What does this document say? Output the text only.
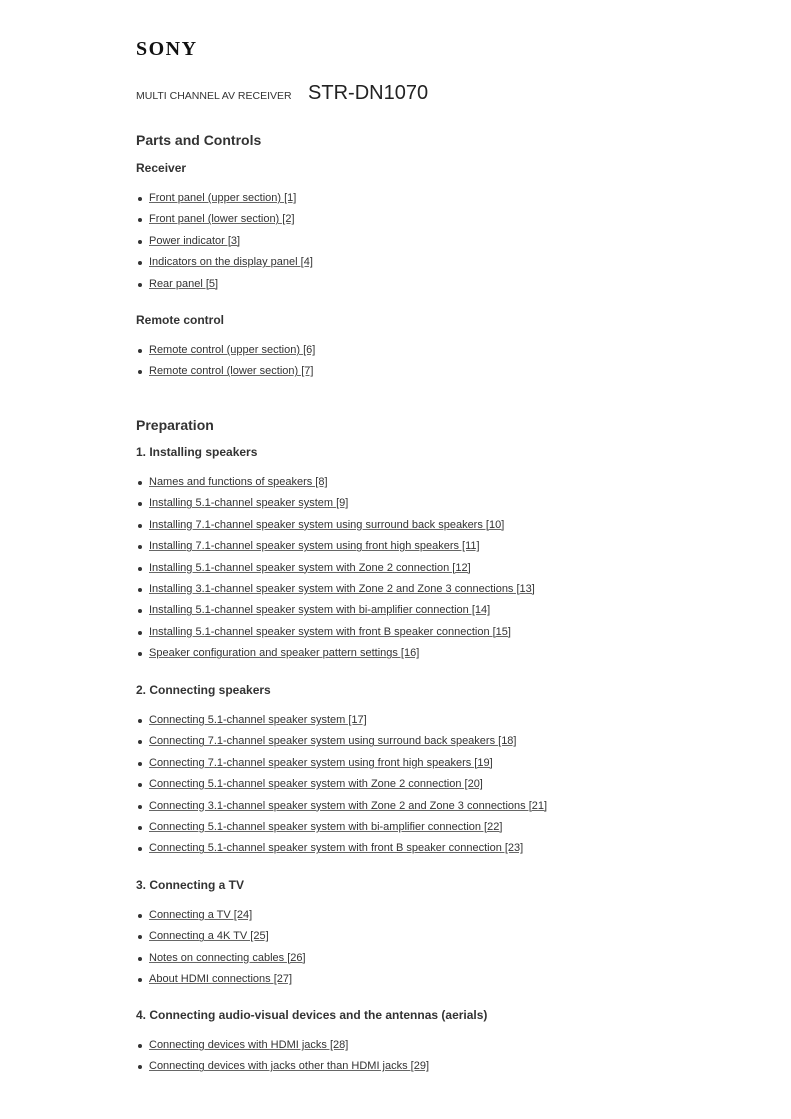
SONY
MULTI CHANNEL AV RECEIVER STR-DN1070
Parts and Controls
Receiver
Front panel (upper section) [1]
Front panel (lower section) [2]
Power indicator [3]
Indicators on the display panel [4]
Rear panel [5]
Remote control
Remote control (upper section) [6]
Remote control (lower section) [7]
Preparation
1. Installing speakers
Names and functions of speakers [8]
Installing 5.1-channel speaker system [9]
Installing 7.1-channel speaker system using surround back speakers [10]
Installing 7.1-channel speaker system using front high speakers [11]
Installing 5.1-channel speaker system with Zone 2 connection [12]
Installing 3.1-channel speaker system with Zone 2 and Zone 3 connections [13]
Installing 5.1-channel speaker system with bi-amplifier connection [14]
Installing 5.1-channel speaker system with front B speaker connection [15]
Speaker configuration and speaker pattern settings [16]
2. Connecting speakers
Connecting 5.1-channel speaker system [17]
Connecting 7.1-channel speaker system using surround back speakers [18]
Connecting 7.1-channel speaker system using front high speakers [19]
Connecting 5.1-channel speaker system with Zone 2 connection [20]
Connecting 3.1-channel speaker system with Zone 2 and Zone 3 connections [21]
Connecting 5.1-channel speaker system with bi-amplifier connection [22]
Connecting 5.1-channel speaker system with front B speaker connection [23]
3. Connecting a TV
Connecting a TV [24]
Connecting a 4K TV [25]
Notes on connecting cables [26]
About HDMI connections [27]
4. Connecting audio-visual devices and the antennas (aerials)
Connecting devices with HDMI jacks [28]
Connecting devices with jacks other than HDMI jacks [29]
